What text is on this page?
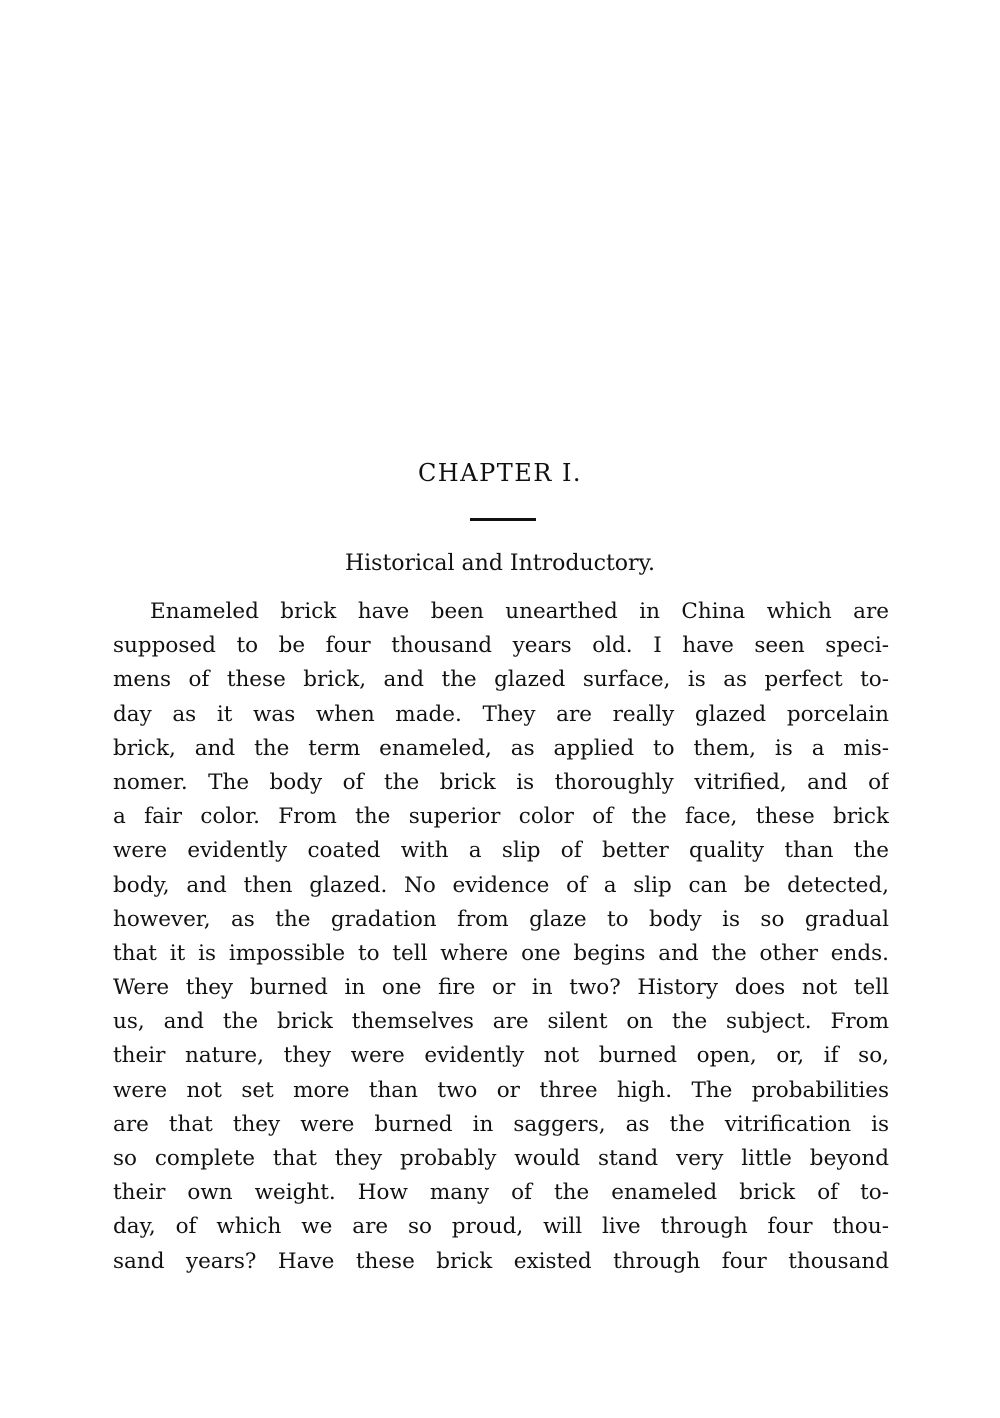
CHAPTER I.
Historical and Introductory.
Enameled brick have been unearthed in China which are
supposed to be four thousand years old. I have seen speci-
mens of these brick, and the glazed surface, is as perfect to-
day as it was when made. They are really glazed porcelain
brick, and the term enameled, as applied to them, is a mis-
nomer. The body of the brick is thoroughly vitrified, and of
a fair color. From the superior color of the face, these brick
were evidently coated with a slip of better quality than the
body, and then glazed. No evidence of a slip can be detected,
however, as the gradation from glaze to body is so gradual
that it is impossible to tell where one begins and the other ends.
Were they burned in one fire or in two? History does not tell
us, and the brick themselves are silent on the subject. From
their nature, they were evidently not burned open, or, if so,
were not set more than two or three high. The probabilities
are that they were burned in saggers, as the vitrification is
so complete that they probably would stand very little beyond
their own weight. How many of the enameled brick of to-
day, of which we are so proud, will live through four thou-
sand years? Have these brick existed through four thousand
